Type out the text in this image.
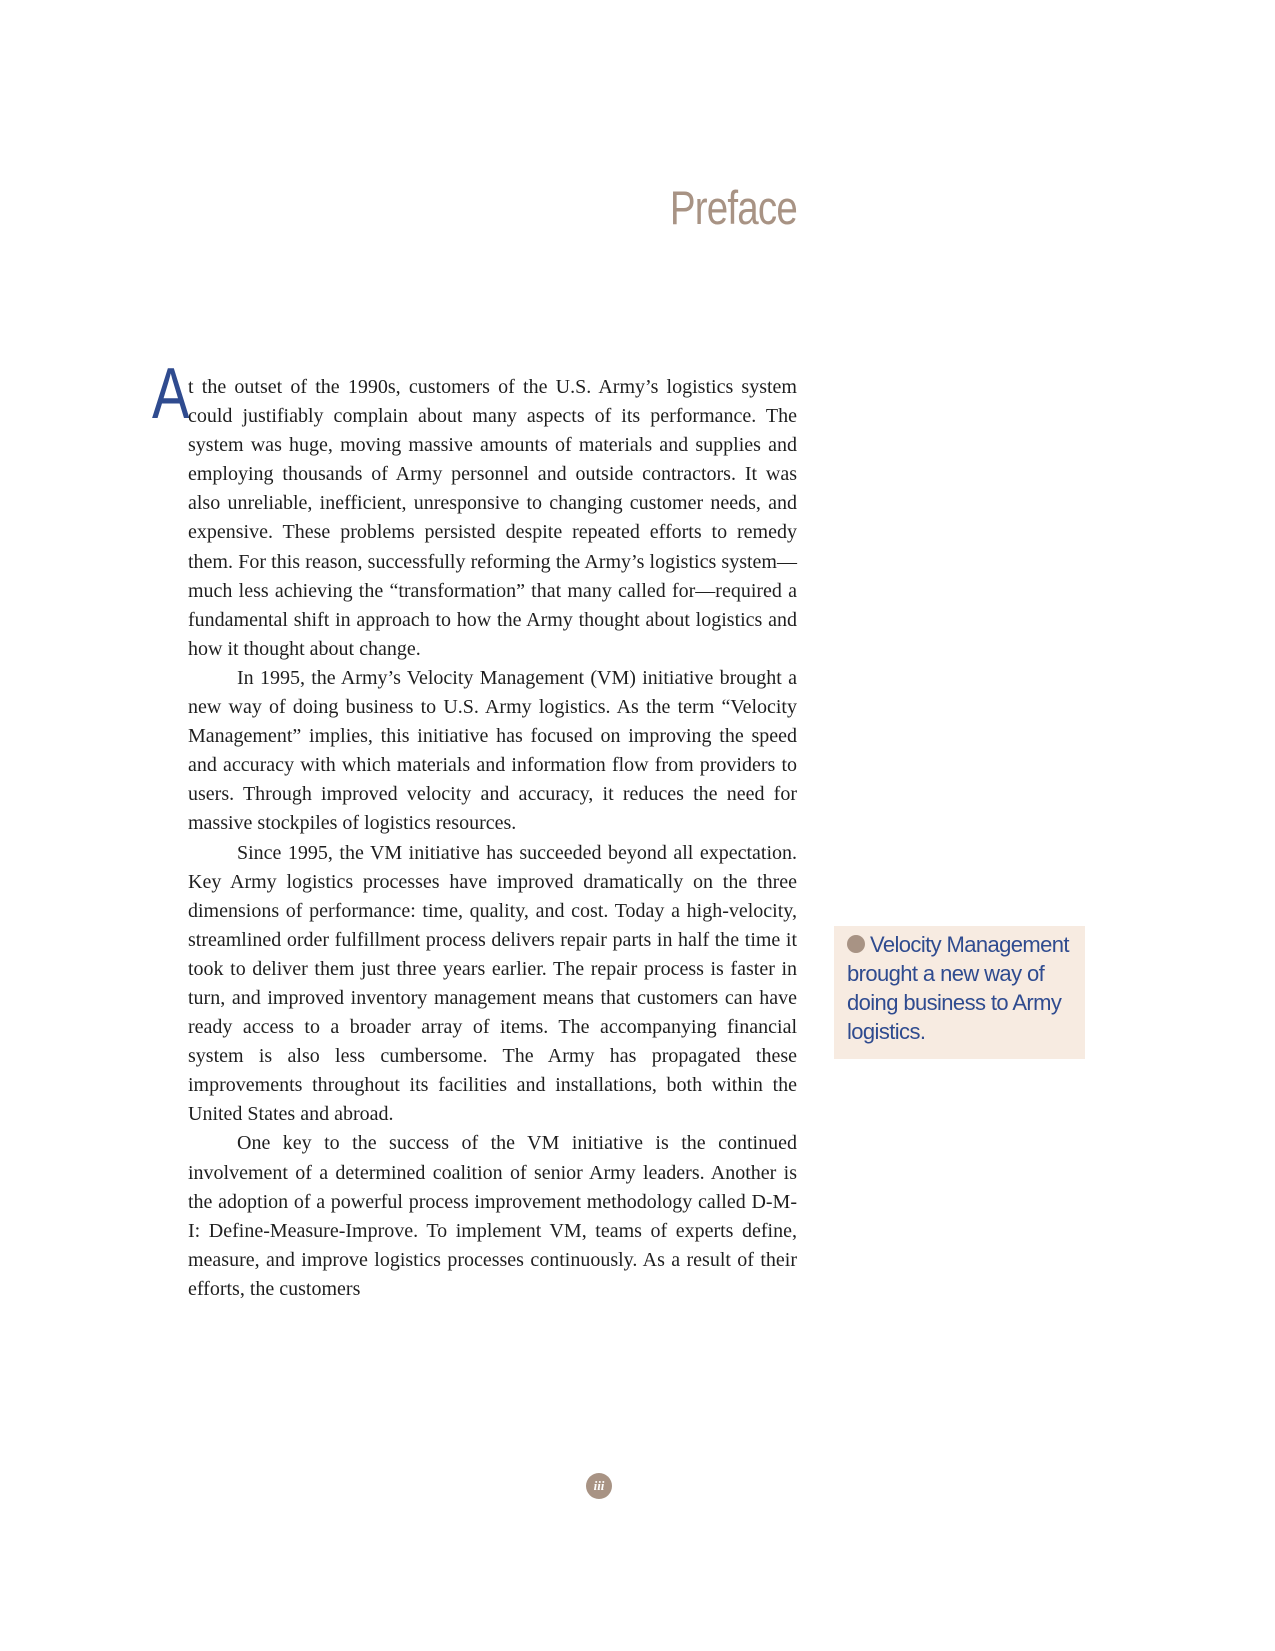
Preface
A

t the outset of the 1990s, customers of the U.S. Army’s logistics system could justifiably complain about many aspects of its performance. The system was huge, moving massive amounts of materials and supplies and employing thousands of Army personnel and outside contractors. It was also unreliable, inefficient, unresponsive to changing customer needs, and expensive. These problems persisted despite repeated efforts to remedy them. For this reason, successfully reforming the Army’s logistics system—much less achieving the “transformation” that many called for—required a fundamental shift in approach to how the Army thought about logistics and how it thought about change.

In 1995, the Army’s Velocity Management (VM) initiative brought a new way of doing business to U.S. Army logistics. As the term “Velocity Management” implies, this initiative has focused on improving the speed and accuracy with which materials and information flow from providers to users. Through improved velocity and accuracy, it reduces the need for massive stockpiles of logistics resources.

Since 1995, the VM initiative has succeeded beyond all expectation. Key Army logistics processes have improved dramatically on the three dimensions of performance: time, quality, and cost. Today a high-velocity, streamlined order fulfillment process delivers repair parts in half the time it took to deliver them just three years earlier. The repair process is faster in turn, and improved inventory management means that customers can have ready access to a broader array of items. The accompanying financial system is also less cumbersome. The Army has propagated these improvements throughout its facilities and installations, both within the United States and abroad.

One key to the success of the VM initiative is the continued involvement of a determined coalition of senior Army leaders. Another is the adoption of a powerful process improvement methodology called D-M-I: Define-Measure-Improve. To implement VM, teams of experts define, measure, and improve logistics processes continuously. As a result of their efforts, the customers

Velocity Management brought a new way of doing business to Army logistics.
iii
